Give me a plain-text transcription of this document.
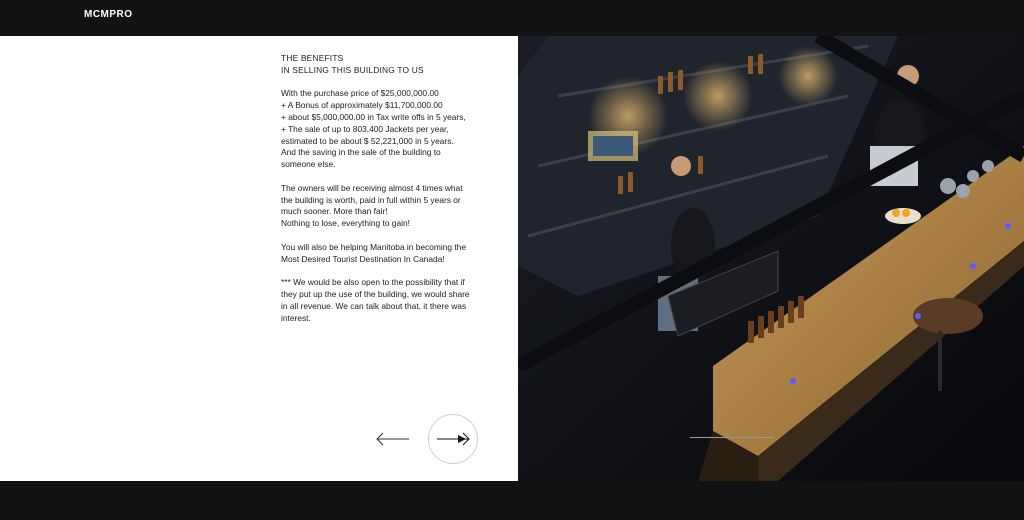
MCMPRO
THE BENEFITS
IN SELLING THIS BUILDING TO US

With the purchase price of $25,000,000.00
+ A Bonus of approximately $11,700,000.00
+ about $5,000,000.00 in Tax write offs in 5 years,
+ The sale of up to 803,400 Jackets per year,
estimated to be about $ 52,221,000 in 5 years.
And the saving in the sale of the building to
someone else.

The owners will be receiving almost 4 times what
the building is worth, paid in full within 5 years or
much sooner. More than fair!
Nothing to lose, everything to gain!

You will also be helping Manitoba in becoming the
Most Desired Tourist Destination In Canada!

*** We would be also open to the possibility that if
they put up the use of the building, we would share
in all revenue. We can talk about that, it there was
interest.
